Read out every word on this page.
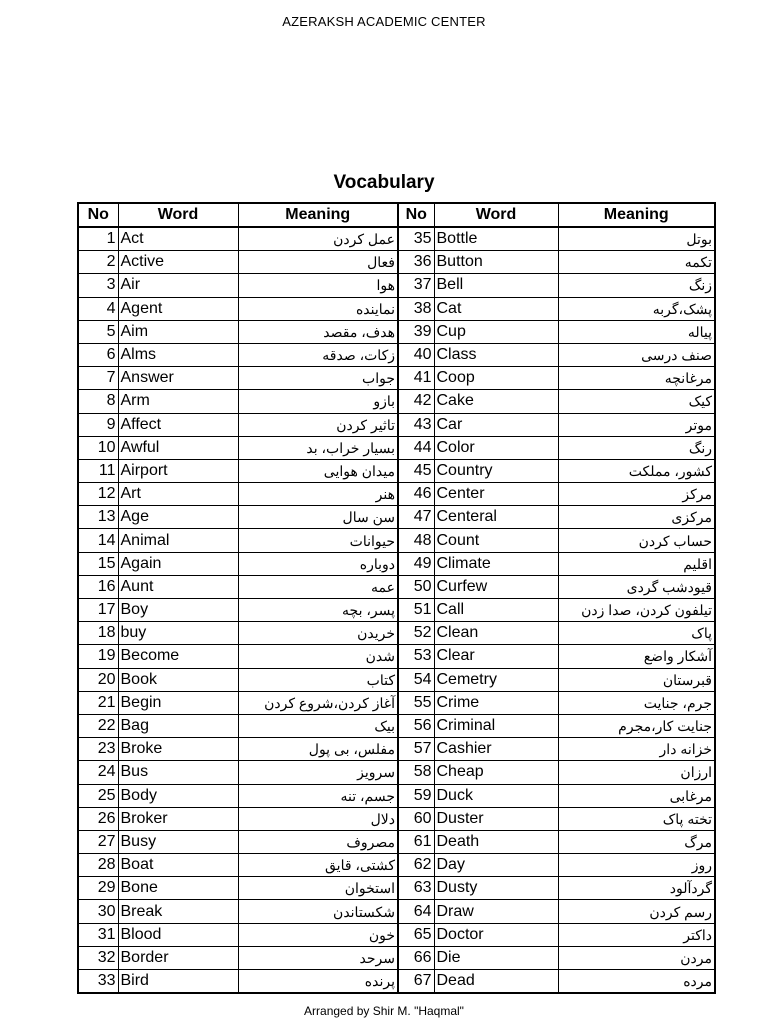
AZERAKSH ACADEMIC CENTER
Vocabulary
No	Word	Meaning	No	Word	Meaning
1	Act	عمل کردن	35	Bottle	بوتل
2	Active	فعال	36	Button	تکمه
3	Air	هوا	37	Bell	زنگ
4	Agent	نماینده	38	Cat	پشک،گربه
5	Aim	هدف، مقصد	39	Cup	پیاله
6	Alms	زکات، صدقه	40	Class	صنف درسی
7	Answer	جواب	41	Coop	مرغانچه
8	Arm	بازو	42	Cake	کیک
9	Affect	تاثیر کردن	43	Car	موتر
10	Awful	بسیار خراب، بد	44	Color	رنگ
11	Airport	میدان هوایی	45	Country	کشور، مملکت
12	Art	هنر	46	Center	مرکز
13	Age	سن سال	47	Centeral	مرکزی
14	Animal	حیوانات	48	Count	حساب کردن
15	Again	دوباره	49	Climate	اقلیم
16	Aunt	عمه	50	Curfew	قیودشب گردی
17	Boy	پسر، بچه	51	Call	تیلفون کردن، صدا زدن
18	buy	خریدن	52	Clean	پاک
19	Become	شدن	53	Clear	آشکار واضع
20	Book	کتاب	54	Cemetry	قبرستان
21	Begin	آغاز کردن،شروع کردن	55	Crime	جرم، جنایت
22	Bag	بیک	56	Criminal	جنایت کار،مجرم
23	Broke	مفلس، بی پول	57	Cashier	خزانه دار
24	Bus	سرویز	58	Cheap	ارزان
25	Body	جسم، تنه	59	Duck	مرغابی
26	Broker	دلال	60	Duster	تخته پاک
27	Busy	مصروف	61	Death	مرگ
28	Boat	کشتی، قایق	62	Day	روز
29	Bone	استخوان	63	Dusty	گردآلود
30	Break	شکستاندن	64	Draw	رسم کردن
31	Blood	خون	65	Doctor	داکتر
32	Border	سرحد	66	Die	مردن
33	Bird	پرنده	67	Dead	مرده
Arranged by Shir M. "Haqmal"
